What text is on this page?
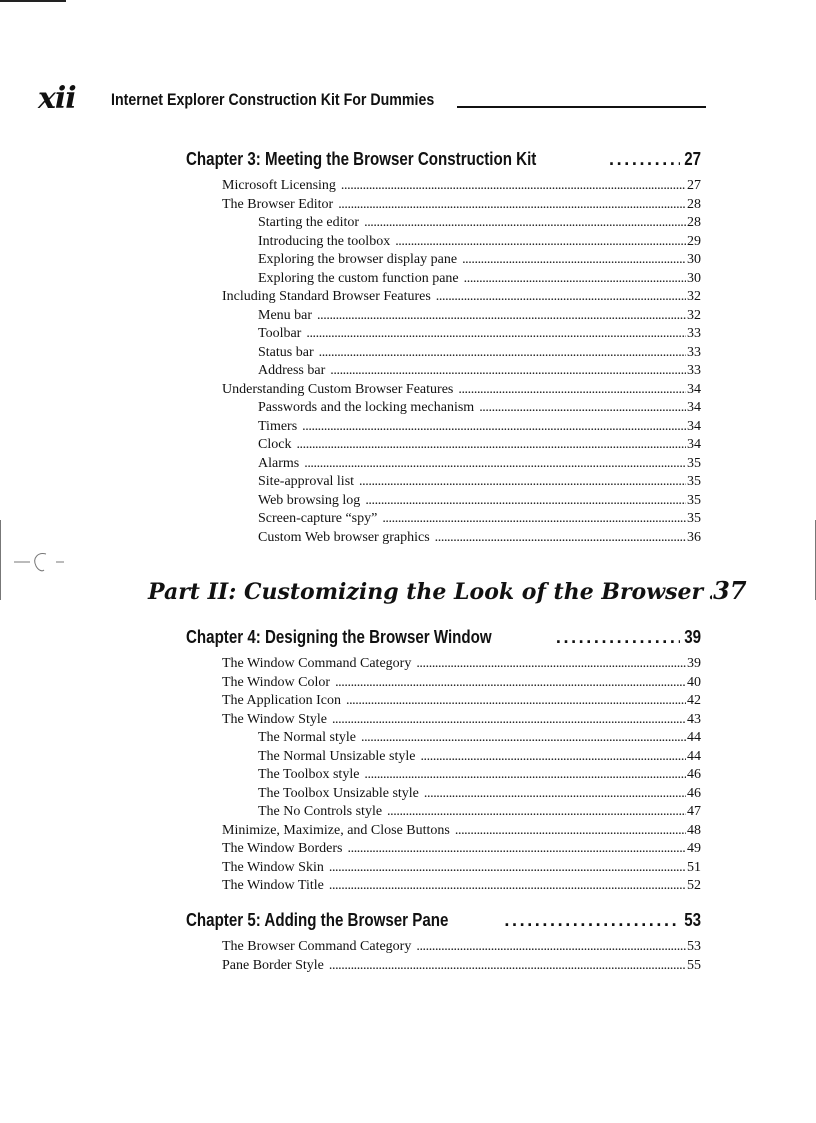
xii Internet Explorer Construction Kit For Dummies
Chapter 3: Meeting the Browser Construction Kit .....	27
Microsoft Licensing .....	27
The Browser Editor .....	28
Starting the editor .....	28
Introducing the toolbox .....	29
Exploring the browser display pane .....	30
Exploring the custom function pane .....	30
Including Standard Browser Features .....	32
Menu bar .....	32
Toolbar .....	33
Status bar .....	33
Address bar .....	33
Understanding Custom Browser Features .....	34
Passwords and the locking mechanism .....	34
Timers .....	34
Clock .....	34
Alarms .....	35
Site-approval list .....	35
Web browsing log .....	35
Screen-capture “spy” .....	35
Custom Web browser graphics .....	36
Part II: Customizing the Look of the Browser ..... 37
Chapter 4: Designing the Browser Window .....	39
The Window Command Category .....	39
The Window Color .....	40
The Application Icon .....	42
The Window Style .....	43
The Normal style .....	44
The Normal Unsizable style .....	44
The Toolbox style .....	46
The Toolbox Unsizable style .....	46
The No Controls style .....	47
Minimize, Maximize, and Close Buttons .....	48
The Window Borders .....	49
The Window Skin .....	51
The Window Title .....	52
Chapter 5: Adding the Browser Pane .....	53
The Browser Command Category .....	53
Pane Border Style .....	55
